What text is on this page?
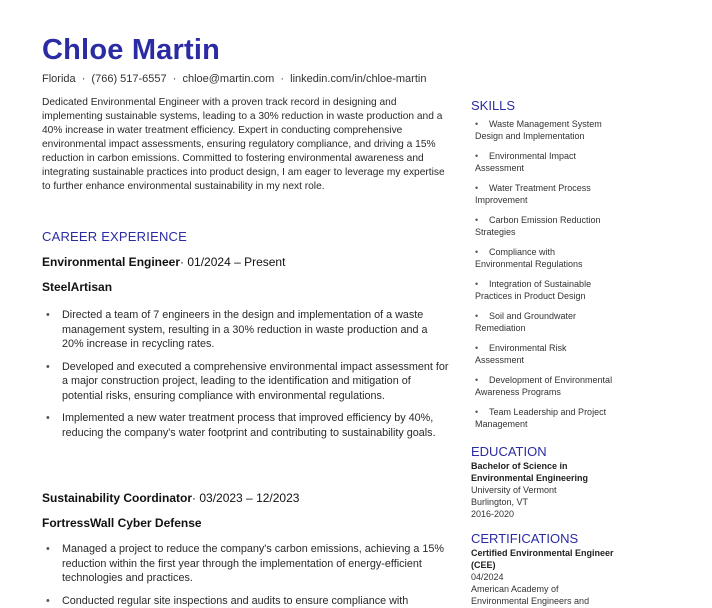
Chloe Martin
Florida · (766) 517-6557 · chloe@martin.com · linkedin.com/in/chloe-martin

Dedicated Environmental Engineer with a proven track record in designing and implementing sustainable systems, leading to a 30% reduction in waste production and a 40% increase in water treatment efficiency. Expert in conducting comprehensive environmental impact assessments, ensuring regulatory compliance, and driving a 15% reduction in carbon emissions. Committed to fostering environmental awareness and integrating sustainable practices into product design, I am eager to leverage my expertise to further enhance environmental sustainability in my next role.

CAREER EXPERIENCE
Environmental Engineer· 01/2024 – Present
SteelArtisan
• Directed a team of 7 engineers in the design and implementation of a waste management system, resulting in a 30% reduction in waste production and a 20% increase in recycling rates.
• Developed and executed a comprehensive environmental impact assessment for a major construction project, leading to the identification and mitigation of potential risks, ensuring compliance with environmental regulations.
• Implemented a new water treatment process that improved efficiency by 40%, reducing the company's water footprint and contributing to sustainability goals.
Sustainability Coordinator· 03/2023 – 12/2023
FortressWall Cyber Defense
• Managed a project to reduce the company's carbon emissions, achieving a 15% reduction within the first year through the implementation of energy-efficient technologies and practices.
• Conducted regular site inspections and audits to ensure compliance with
SKILLS
• Waste Management System
Design and Implementation
• Environmental Impact
Assessment
• Water Treatment Process
Improvement
• Carbon Emission Reduction
Strategies
• Compliance with
Environmental Regulations
• Integration of Sustainable
Practices in Product Design
• Soil and Groundwater
Remediation
• Environmental Risk
Assessment
• Development of Environmental
Awareness Programs
• Team Leadership and Project
Management
EDUCATION
Bachelor of Science in
Environmental Engineering
University of Vermont
Burlington, VT
2016-2020
CERTIFICATIONS
Certified Environmental Engineer
(CEE)
04/2024
American Academy of
Environmental Engineers and
